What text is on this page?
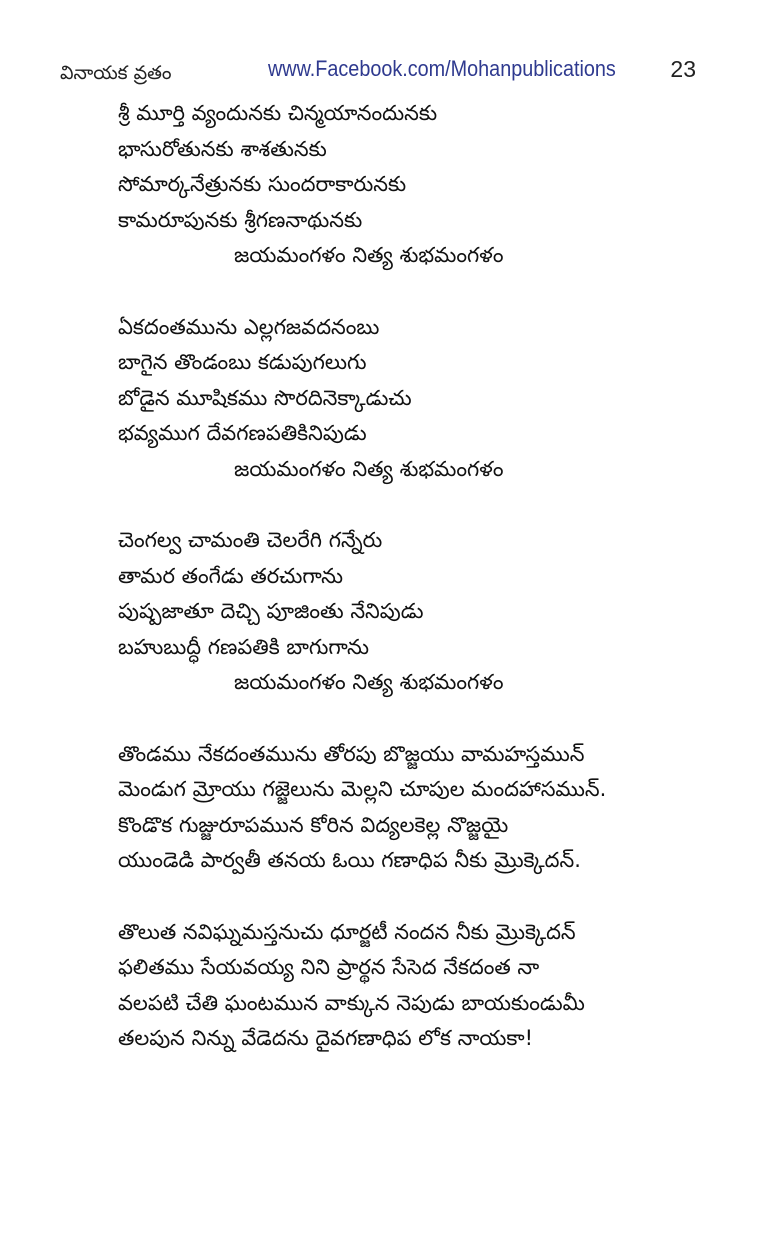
వినాయక వ్రతం	www.Facebook.com/Mohanpublications 23
శ్రీ మూర్తి వ్యందునకు చిన్మయానందునకు
భాసురోతునకు శాశతునకు
సోమార్కనేత్రునకు సుందరాకారునకు
కామరూపునకు శ్రీగణనాథునకు
జయమంగళం నిత్య శుభమంగళం
ఏకదంతమును ఎల్లగజవదనంబు
బాగైన తొండంబు కడుపుగలుగు
బోడైన మూషికము సొరదినెక్కాడుచు
భవ్యముగ దేవగణపతికినిపుడు
జయమంగళం నిత్య శుభమంగళం
చెంగల్వ చామంతి చెలరేగి గన్నేరు
తామర తంగేడు తరచుగాను
పుష్పజాతూ దెచ్చి పూజింతు నేనిపుడు
బహుబుద్ధీ గణపతికి బాగుగాను
జయమంగళం నిత్య శుభమంగళం
తొండము నేకదంతమును తోరపు బొజ్జయు వామహస్తమున్
మెండుగ మ్రోయు గజ్జెలును మెల్లని చూపుల మందహాసమున్.
కొండొక గుజ్జురూపమున కోరిన విద్యలకెల్ల నొజ్జయై
యుండెడి పార్వతీ తనయ ఓయి గణాధిప నీకు మ్రొక్కెదన్.
తొలుత నవిఘ్నమస్తనుచు ధూర్జటీ నందన నీకు మ్రొక్కెదన్
ఫలితము సేయవయ్య నిని ప్రార్థన సేసెద నేకదంత నా
వలపటి చేతి ఘంటమున వాక్కున నెపుడు బాయకుండుమీ
తలపున నిన్ను వేడెదను దైవగణాధిప లోక నాయకా!
